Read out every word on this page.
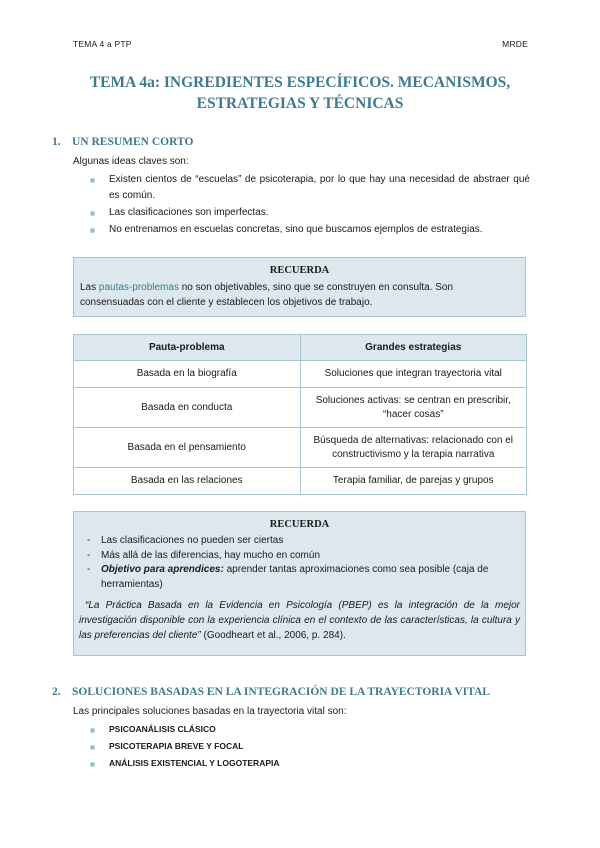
TEMA 4 a PTP	MRDE
TEMA 4a: INGREDIENTES ESPECÍFICOS. MECANISMOS,
ESTRATEGIAS Y TÉCNICAS
1. UN RESUMEN CORTO
Algunas ideas claves son:
Existen cientos de “escuelas” de psicoterapia, por lo que hay una necesidad de abstraer qué es común.
Las clasificaciones son imperfectas.
No entrenamos en escuelas concretas, sino que buscamos ejemplos de estrategias.
RECUERDA

Las pautas-problemas no son objetivables, sino que se construyen en consulta. Son consensuadas con el cliente y establecen los objetivos de trabajo.

Pauta-problema	Grandes estrategias
Basada en la biografía	Soluciones que integran trayectoria vital
Basada en conducta	Soluciones activas: se centran en prescribir, “hacer cosas”
Basada en el pensamiento	Búsqueda de alternativas: relacionado con el constructivismo y la terapia narrativa
Basada en las relaciones	Terapia familiar, de parejas y grupos
RECUERDA
- Las clasificaciones no pueden ser ciertas
- Más allá de las diferencias, hay mucho en común
- Objetivo para aprendices: aprender tantas aproximaciones como sea posible (caja de herramientas)

“La Práctica Basada en la Evidencia en Psicología (PBEP) es la integración de la mejor investigación disponible con la experiencia clínica en el contexto de las características, la cultura y las preferencias del cliente” (Goodheart et al., 2006, p. 284).

2. SOLUCIONES BASADAS EN LA INTEGRACIÓN DE LA TRAYECTORIA VITAL
Las principales soluciones basadas en la trayectoria vital son:
PSICOANÁLISIS CLÁSICO
PSICOTERAPIA BREVE Y FOCAL
ANÁLISIS EXISTENCIAL Y LOGOTERAPIA
